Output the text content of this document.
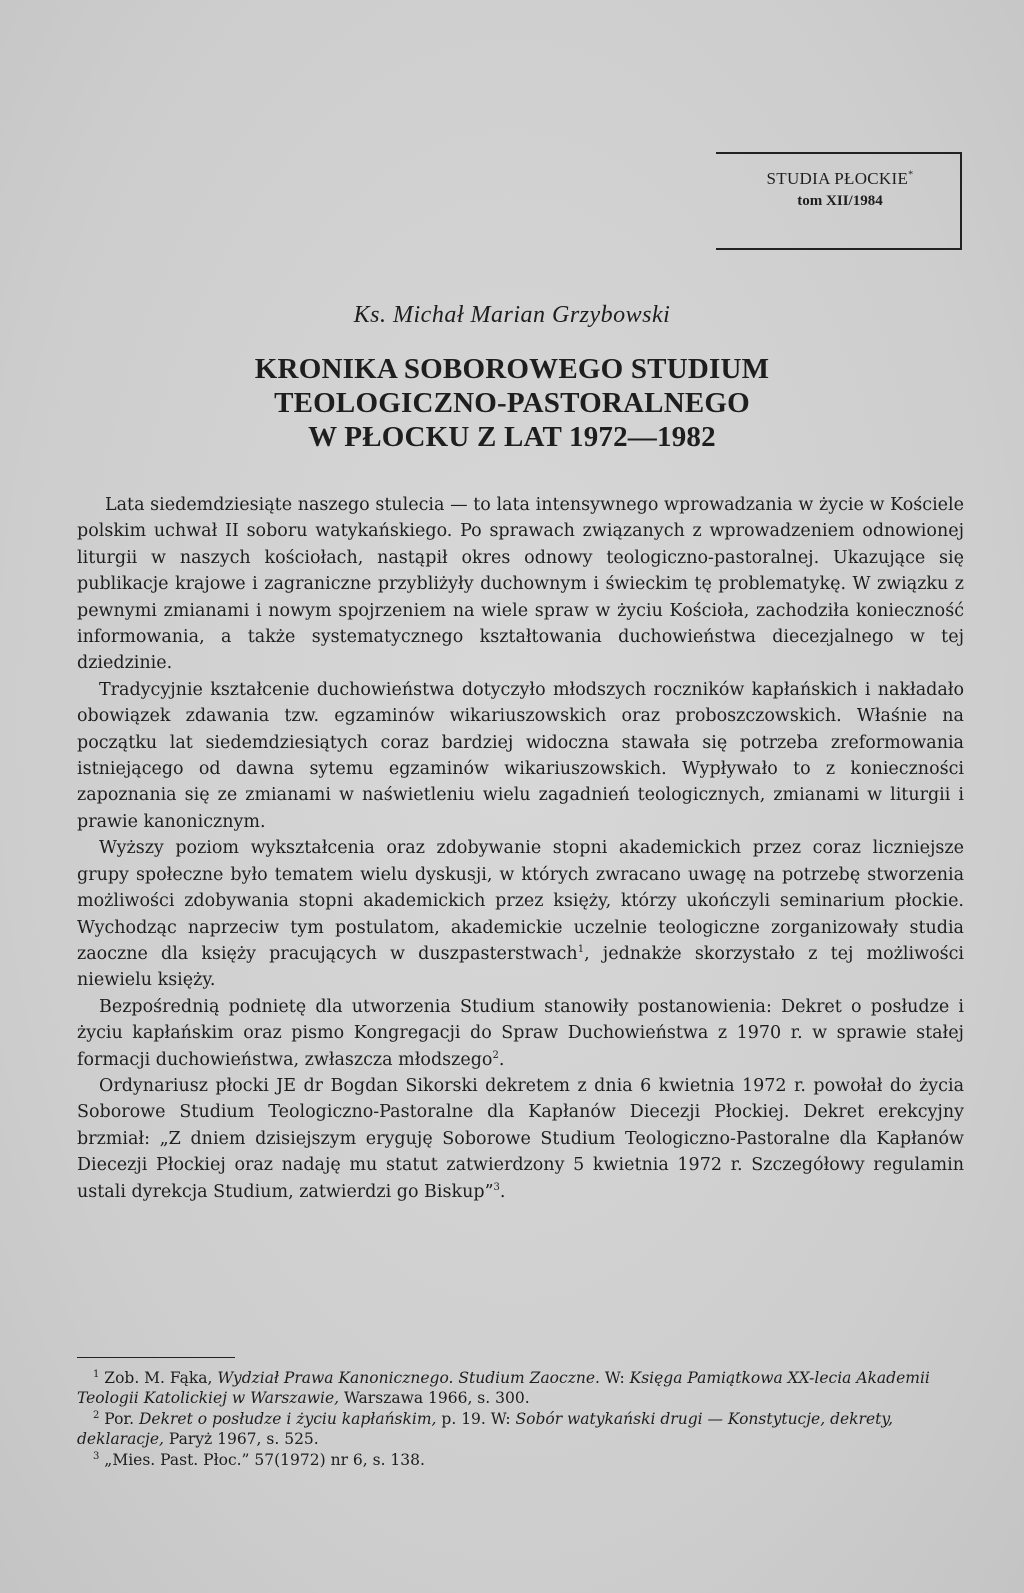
STUDIA PŁOCKIE*
tom XII/1984
Ks. Michał Marian Grzybowski
KRONIKA SOBOROWEGO STUDIUM
TEOLOGICZNO-PASTORALNEGO
W PŁOCKU Z LAT 1972—1982

Lata siedemdziesiąte naszego stulecia — to lata intensywnego wprowadzania w życie w Kościele polskim uchwał II soboru watykańskiego. Po sprawach związanych z wprowadzeniem odnowionej liturgii w naszych kościołach, nastąpił okres odnowy teologiczno-pastoralnej. Ukazujące się publikacje krajowe i zagraniczne przybliżyły duchownym i świeckim tę problematykę. W związku z pewnymi zmianami i nowym spojrzeniem na wiele spraw w życiu Kościoła, zachodziła konieczność informowania, a także systematycznego kształtowania duchowieństwa diecezjalnego w tej dziedzinie.

Tradycyjnie kształcenie duchowieństwa dotyczyło młodszych roczników kapłańskich i nakładało obowiązek zdawania tzw. egzaminów wikariuszowskich oraz proboszczowskich. Właśnie na początku lat siedemdziesiątych coraz bardziej widoczna stawała się potrzeba zreformowania istniejącego od dawna sytemu egzaminów wikariuszowskich. Wypływało to z konieczności zapoznania się ze zmianami w naświetleniu wielu zagadnień teologicznych, zmianami w liturgii i prawie kanonicznym.

Wyższy poziom wykształcenia oraz zdobywanie stopni akademickich przez coraz liczniejsze grupy społeczne było tematem wielu dyskusji, w których zwracano uwagę na potrzebę stworzenia możliwości zdobywania stopni akademickich przez księży, którzy ukończyli seminarium płockie. Wychodząc naprzeciw tym postulatom, akademickie uczelnie teologiczne zorganizowały studia zaoczne dla księży pracujących w duszpasterstwach$^1$, jednakże skorzystało z tej możliwości niewielu księży.

Bezpośrednią podnietę dla utworzenia Studium stanowiły postanowienia: Dekret o posłudze i życiu kapłańskim oraz pismo Kongregacji do Spraw Duchowieństwa z 1970 r. w sprawie stałej formacji duchowieństwa, zwłaszcza młodszego$^2$.

Ordynariusz płocki JE dr Bogdan Sikorski dekretem z dnia 6 kwietnia 1972 r. powołał do życia Soborowe Studium Teologiczno-Pastoralne dla Kapłanów Diecezji Płockiej. Dekret erekcyjny brzmiał: „Z dniem dzisiejszym eryguję Soborowe Studium Teologiczno-Pastoralne dla Kapłanów Diecezji Płockiej oraz nadaję mu statut zatwierdzony 5 kwietnia 1972 r. Szczegółowy regulamin ustali dyrekcja Studium, zatwierdzi go Biskup”$^3$.

$^1$ Zob. M. Fąka, Wydział Prawa Kanonicznego. Studium Zaoczne. W: Księga Pamiątkowa XX-lecia Akademii Teologii Katolickiej w Warszawie, Warszawa 1966, s. 300.

$^2$ Por. Dekret o posłudze i życiu kapłańskim, p. 19. W: Sobór watykański drugi — Konstytucje, dekrety, deklaracje, Paryż 1967, s. 525.

$^3$ „Mies. Past. Płoc.” 57(1972) nr 6, s. 138.
